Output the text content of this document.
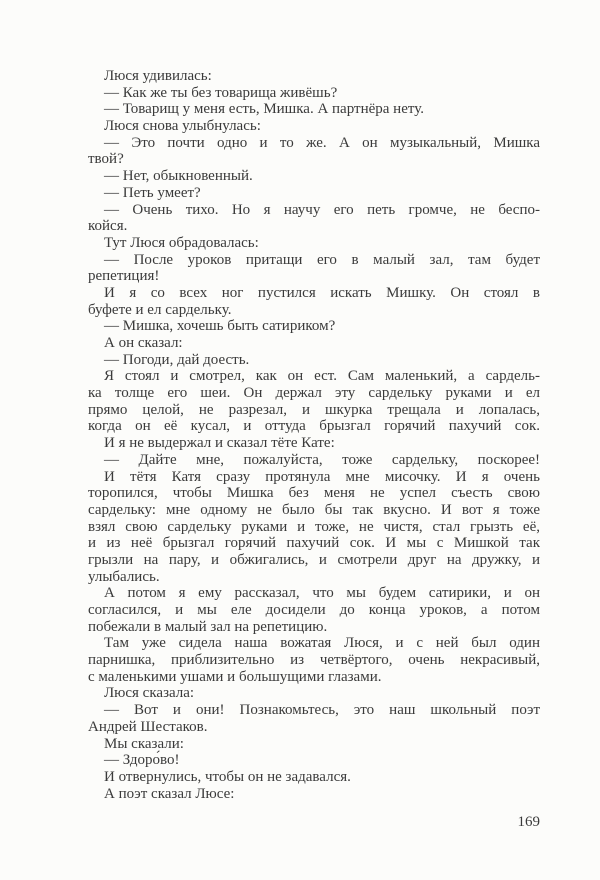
Люся удивилась:
— Как же ты без товарища живёшь?
— Товарищ у меня есть, Мишка. А партнёра нету.
Люся снова улыбнулась:
— Это почти одно и то же. А он музыкальный, Мишка
твой?
— Нет, обыкновенный.
— Петь умеет?
— Очень тихо. Но я научу его петь громче, не беспо-
койся.
Тут Люся обрадовалась:
— После уроков притащи его в малый зал, там будет
репетиция!
И я со всех ног пустился искать Мишку. Он стоял в
буфете и ел сардельку.
— Мишка, хочешь быть сатириком?
А он сказал:
— Погоди, дай доесть.
Я стоял и смотрел, как он ест. Сам маленький, а сардель-
ка толще его шеи. Он держал эту сардельку руками и ел
прямо целой, не разрезал, и шкурка трещала и лопалась,
когда он её кусал, и оттуда брызгал горячий пахучий сок.
И я не выдержал и сказал тёте Кате:
— Дайте мне, пожалуйста, тоже сардельку, поскорее!
И тётя Катя сразу протянула мне мисочку. И я очень
торопился, чтобы Мишка без меня не успел съесть свою
сардельку: мне одному не было бы так вкусно. И вот я тоже
взял свою сардельку руками и тоже, не чистя, стал грызть её,
и из неё брызгал горячий пахучий сок. И мы с Мишкой так
грызли на пару, и обжигались, и смотрели друг на дружку, и
улыбались.
А потом я ему рассказал, что мы будем сатирики, и он
согласился, и мы еле досидели до конца уроков, а потом
побежали в малый зал на репетицию.
Там уже сидела наша вожатая Люся, и с ней был один
парнишка, приблизительно из четвёртого, очень некрасивый,
с маленькими ушами и большущими глазами.
Люся сказала:
— Вот и они! Познакомьтесь, это наш школьный поэт
Андрей Шестаков.
Мы сказали:
— Здоро́во!
И отвернулись, чтобы он не задавался.
А поэт сказал Люсе:
169
